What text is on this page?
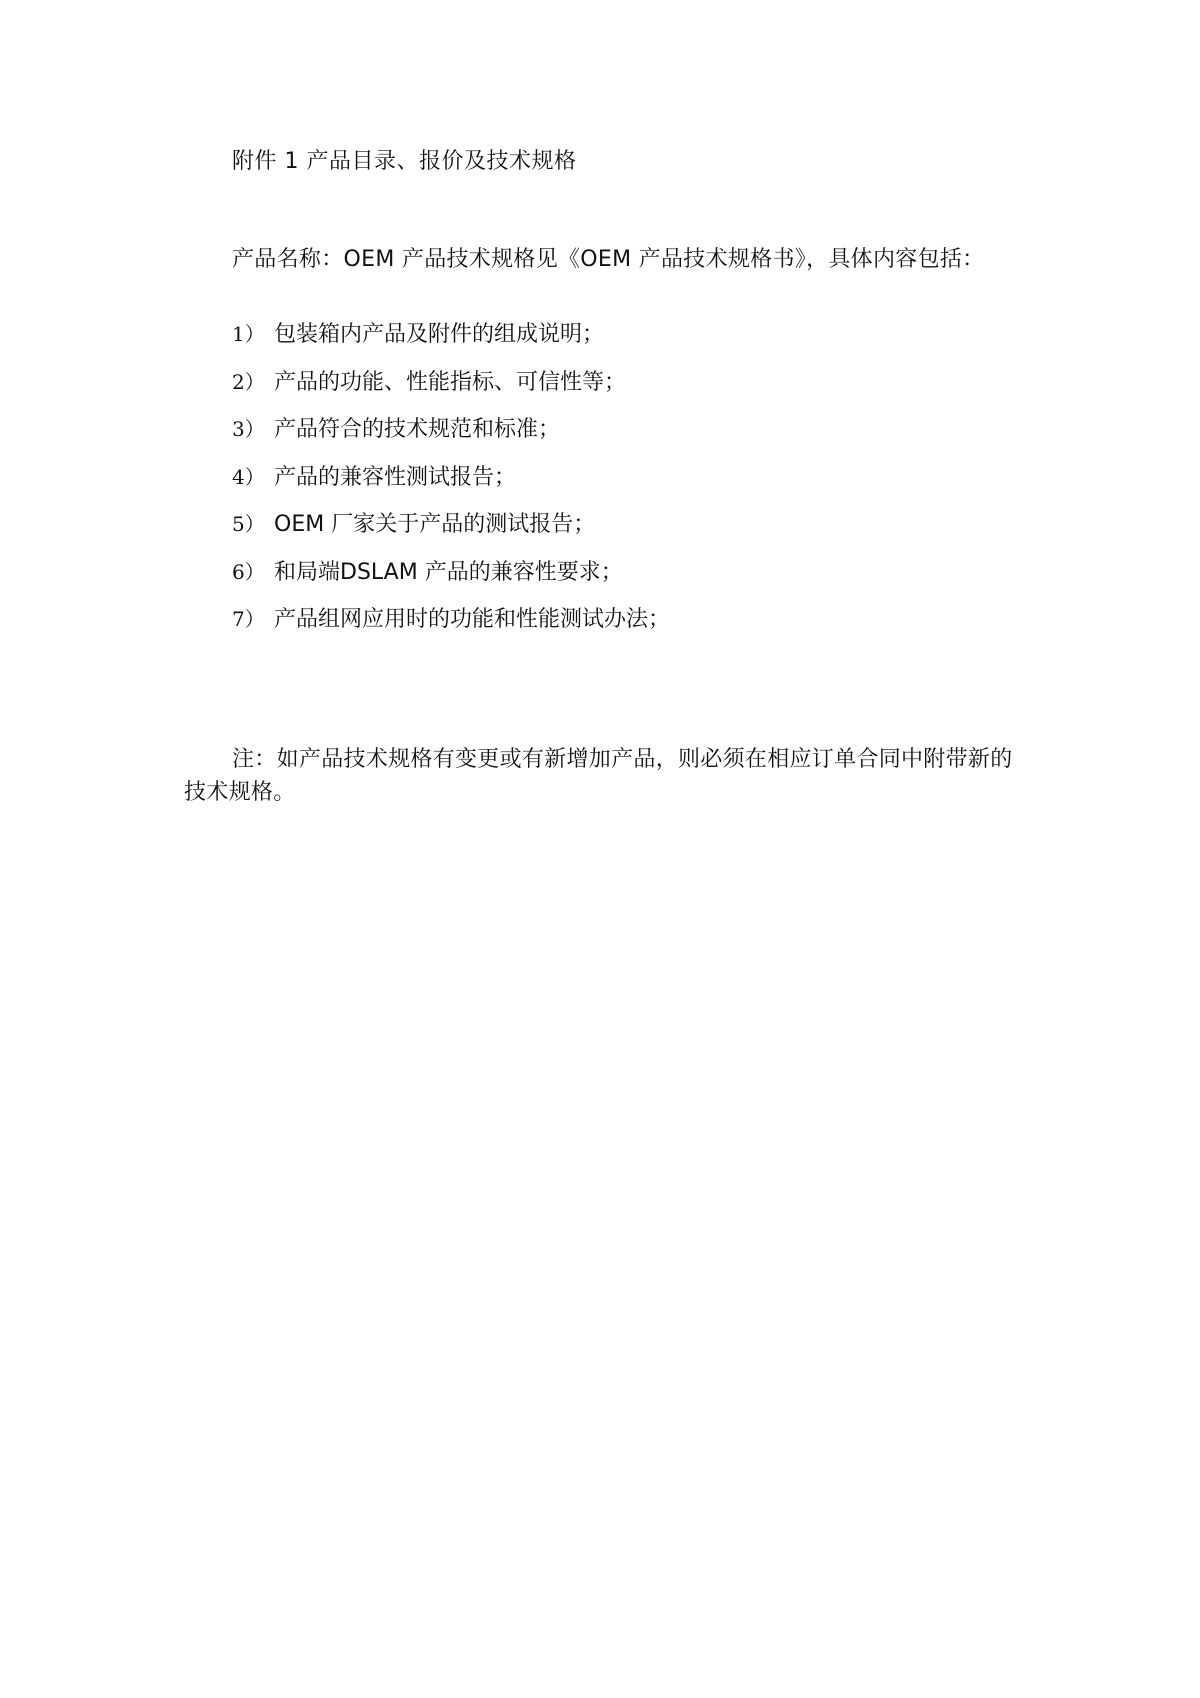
附件 1 产品目录、报价及技术规格
产品名称：OEM 产品技术规格见《OEM 产品技术规格书》，具体内容包括：
1） 包装箱内产品及附件的组成说明；
2） 产品的功能、性能指标、可信性等；
3） 产品符合的技术规范和标准；
4） 产品的兼容性测试报告；
5） OEM 厂家关于产品的测试报告；
6） 和局端DSLAM 产品的兼容性要求；
7） 产品组网应用时的功能和性能测试办法；
注：如产品技术规格有变更或有新增加产品，则必须在相应订单合同中附带新的技术规格。
